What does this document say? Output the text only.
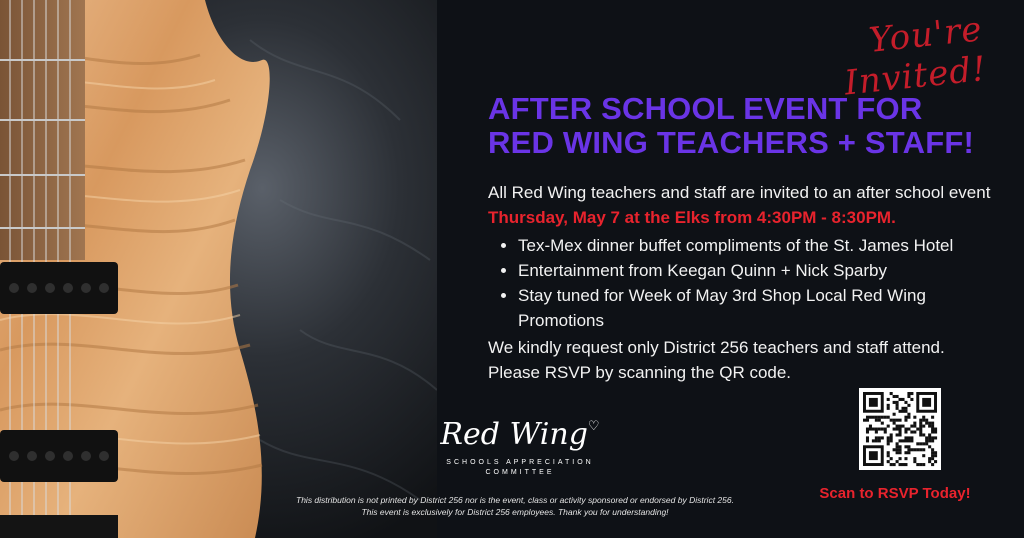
You're Invited!
AFTER SCHOOL EVENT FOR
RED WING TEACHERS + STAFF!

All Red Wing teachers and staff are invited to an after school event Thursday, May 7 at the Elks from 4:30PM - 8:30PM.

• Tex-Mex dinner buffet compliments of the St. James Hotel
• Entertainment from Keegan Quinn + Nick Sparby
• Stay tuned for Week of May 3rd Shop Local Red Wing Promotions

We kindly request only District 256 teachers and staff attend.

Please RSVP by scanning the QR code.

Scan to RSVP Today!
Red Wing♡
SCHOOLS APPRECIATION
COMMITTEE

This distribution is not printed by District 256 nor is the event, class or activity sponsored or endorsed by District 256.

This event is exclusively for District 256 employees. Thank you for understanding!
